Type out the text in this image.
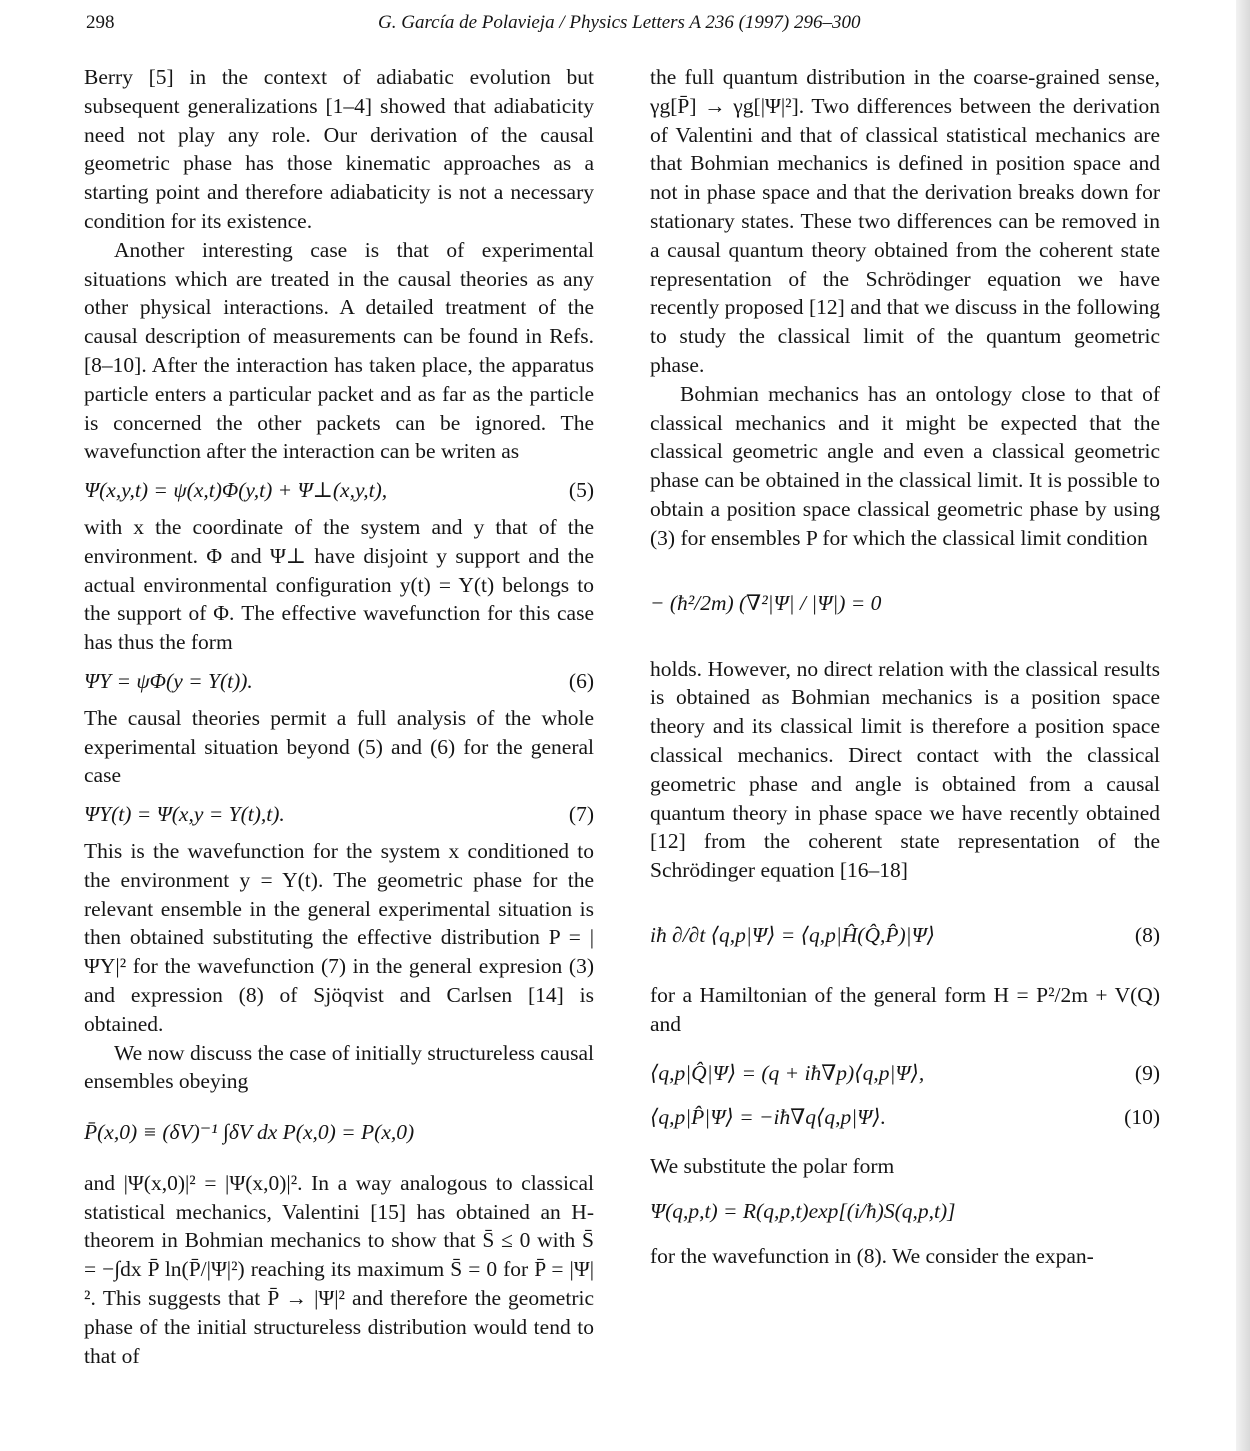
298	G. García de Polavieja / Physics Letters A 236 (1997) 296–300

Berry [5] in the context of adiabatic evolution but subsequent generalizations [1–4] showed that adiabaticity need not play any role. Our derivation of the causal geometric phase has those kinematic approaches as a starting point and therefore adiabaticity is not a necessary condition for its existence.

Another interesting case is that of experimental situations which are treated in the causal theories as any other physical interactions. A detailed treatment of the causal description of measurements can be found in Refs. [8–10]. After the interaction has taken place, the apparatus particle enters a particular packet and as far as the particle is concerned the other packets can be ignored. The wavefunction after the interaction can be writen as

Ψ(x,y,t) = ψ(x,t)Φ(y,t) + Ψ⊥(x,y,t),	(5)

with x the coordinate of the system and y that of the environment. Φ and Ψ⊥ have disjoint y support and the actual environmental configuration y(t) = Y(t) belongs to the support of Φ. The effective wavefunction for this case has thus the form

ΨY = ψΦ(y = Y(t)).	(6)

The causal theories permit a full analysis of the whole experimental situation beyond (5) and (6) for the general case

ΨY(t) = Ψ(x,y = Y(t),t).	(7)

This is the wavefunction for the system x conditioned to the environment y = Y(t). The geometric phase for the relevant ensemble in the general experimental situation is then obtained substituting the effective distribution P = |ΨY|² for the wavefunction (7) in the general expresion (3) and expression (8) of Sjöqvist and Carlsen [14] is obtained.

We now discuss the case of initially structureless causal ensembles obeying

P̄(x,0) ≡ (δV)⁻¹ ∫δV dx P(x,0) = P(x,0)

and |Ψ(x,0)|² = |Ψ(x,0)|². In a way analogous to classical statistical mechanics, Valentini [15] has obtained an H-theorem in Bohmian mechanics to show that S̄ ≤ 0 with S̄ = −∫dx P̄ ln(P̄/|Ψ|²) reaching its maximum S̄ = 0 for P̄ = |Ψ|². This suggests that P̄ → |Ψ|² and therefore the geometric phase of the initial structureless distribution would tend to that of

the full quantum distribution in the coarse-grained sense, γg[P̄] → γg[|Ψ|²]. Two differences between the derivation of Valentini and that of classical statistical mechanics are that Bohmian mechanics is defined in position space and not in phase space and that the derivation breaks down for stationary states. These two differences can be removed in a causal quantum theory obtained from the coherent state representation of the Schrödinger equation we have recently proposed [12] and that we discuss in the following to study the classical limit of the quantum geometric phase.

Bohmian mechanics has an ontology close to that of classical mechanics and it might be expected that the classical geometric angle and even a classical geometric phase can be obtained in the classical limit. It is possible to obtain a position space classical geometric phase by using (3) for ensembles P for which the classical limit condition

− (ħ²/2m) (∇²|Ψ| / |Ψ|) = 0

holds. However, no direct relation with the classical results is obtained as Bohmian mechanics is a position space theory and its classical limit is therefore a position space classical mechanics. Direct contact with the classical geometric phase and angle is obtained from a causal quantum theory in phase space we have recently obtained [12] from the coherent state representation of the Schrödinger equation [16–18]

iħ ∂/∂t ⟨q,p|Ψ⟩ = ⟨q,p|Ĥ(Q̂,P̂)|Ψ⟩	(8)

for a Hamiltonian of the general form H = P²/2m + V(Q) and

⟨q,p|Q̂|Ψ⟩ = (q + iħ∇p)⟨q,p|Ψ⟩,	(9)
⟨q,p|P̂|Ψ⟩ = −iħ∇q⟨q,p|Ψ⟩.	(10)

We substitute the polar form

Ψ(q,p,t) = R(q,p,t)exp[(i/ħ)S(q,p,t)]

for the wavefunction in (8). We consider the expan-
